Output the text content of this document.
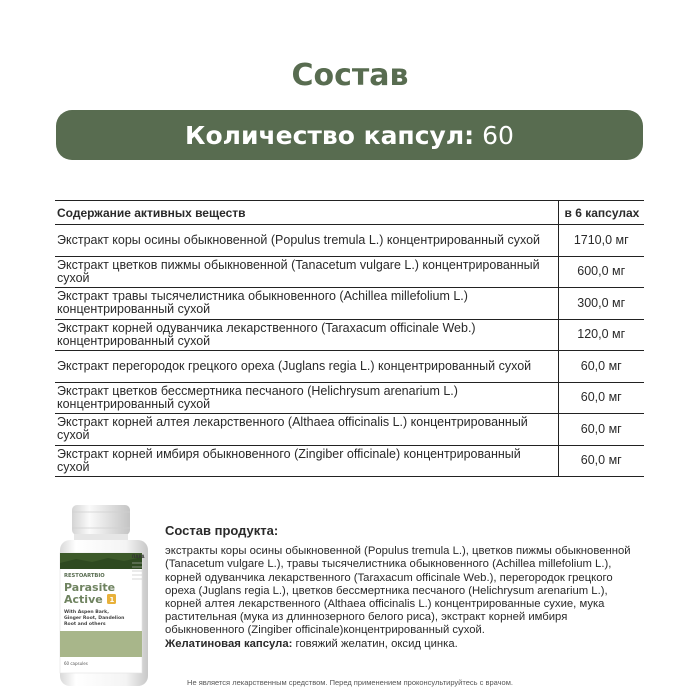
Состав
Количество капсул: 60
Содержание активных веществ	в 6 капсулах
Экстракт коры осины обыкновенной (Populus tremula L.) концентрированный сухой	1710,0 мг
Экстракт цветков пижмы обыкновенной (Tanacetum vulgare L.) концентрированный сухой	600,0 мг
Экстракт травы тысячелистника обыкновенного (Achillea millefolium L.) концентрированный сухой	300,0 мг
Экстракт корней одуванчика лекарственного (Taraxacum officinale Web.) концентрированный сухой	120,0 мг
Экстракт перегородок грецкого ореха (Juglans regia L.) концентрированный сухой	60,0 мг
Экстракт цветков бессмертника песчаного (Helichrysum arenarium L.) концентрированный сухой	60,0 мг
Экстракт корней алтея лекарственного (Althaea officinalis L.) концентрированный сухой	60,0 мг
Экстракт корней имбиря обыкновенного (Zingiber officinale) концентрированный сухой	60,0 мг
RESTOARTBIO
Parasite
Active 1
With Aspen Bark,
Ginger Root, Dandelion
Root and others
60 capsules
ПАРА
Состав продукта:
экстракты коры осины обыкновенной (Populus tremula L.), цветков пижмы обыкновенной (Tanacetum vulgare L.), травы тысячелистника обыкновенного (Achillea millefolium L.), корней одуванчика лекарственного (Taraxacum officinale Web.), перегородок грецкого ореха (Juglans regia L.), цветков бессмертника песчаного (Helichrysum arenarium L.), корней алтея лекарственного (Althaea officinalis L.) концентрированные сухие, мука растительная (мука из длиннозерного белого риса), экстракт корней имбиря обыкновенного (Zingiber officinale)концентрированный сухой.
Желатиновая капсула: говяжий желатин, оксид цинка.
Не является лекарственным средством. Перед применением проконсультируйтесь с врачом.
